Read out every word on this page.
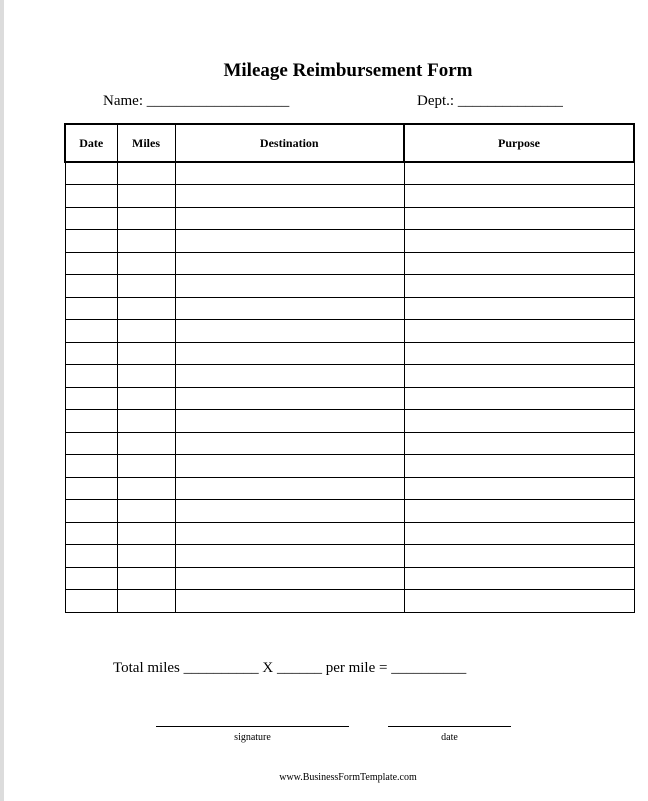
Mileage Reimbursement Form
Name: ___________________	Dept.: ______________
Date	Miles	Destination	Purpose

Total miles __________ X ______ per mile = __________
signature	date
www.BusinessFormTemplate.com
